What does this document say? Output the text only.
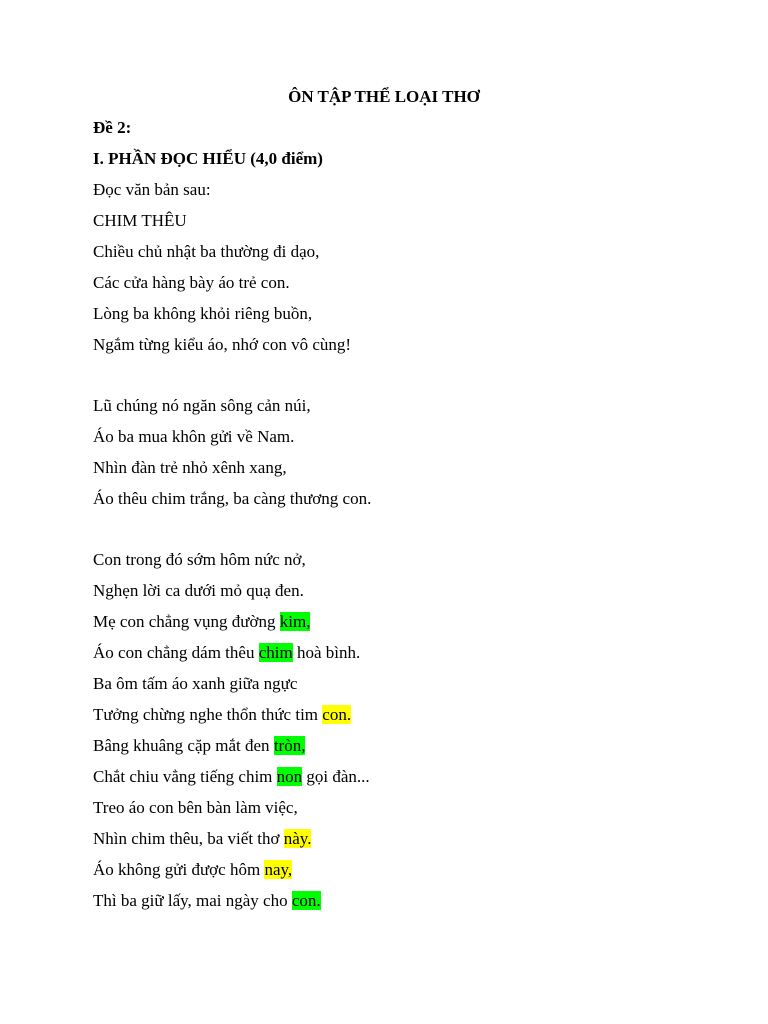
ÔN TẬP THỂ LOẠI THƠ
Đề 2:
I. PHẦN ĐỌC HIỂU (4,0 điểm)
Đọc văn bản sau:
CHIM THÊU
Chiều chủ nhật ba thường đi dạo,
Các cửa hàng bày áo trẻ con.
Lòng ba không khỏi riêng buồn,
Ngắm từng kiểu áo, nhớ con vô cùng!
Lũ chúng nó ngăn sông cản núi,
Áo ba mua khôn gửi về Nam.
Nhìn đàn trẻ nhỏ xênh xang,
Áo thêu chim trắng, ba càng thương con.
Con trong đó sớm hôm nức nở,
Nghẹn lời ca dưới mỏ quạ đen.
Mẹ con chẳng vụng đường kim,
Áo con chẳng dám thêu chim hoà bình.
Ba ôm tấm áo xanh giữa ngực
Tưởng chừng nghe thổn thức tim con.
Bâng khuâng cặp mắt đen tròn,
Chắt chiu vẳng tiếng chim non gọi đàn...
Treo áo con bên bàn làm việc,
Nhìn chim thêu, ba viết thơ này.
Áo không gửi được hôm nay,
Thì ba giữ lấy, mai ngày cho con.
